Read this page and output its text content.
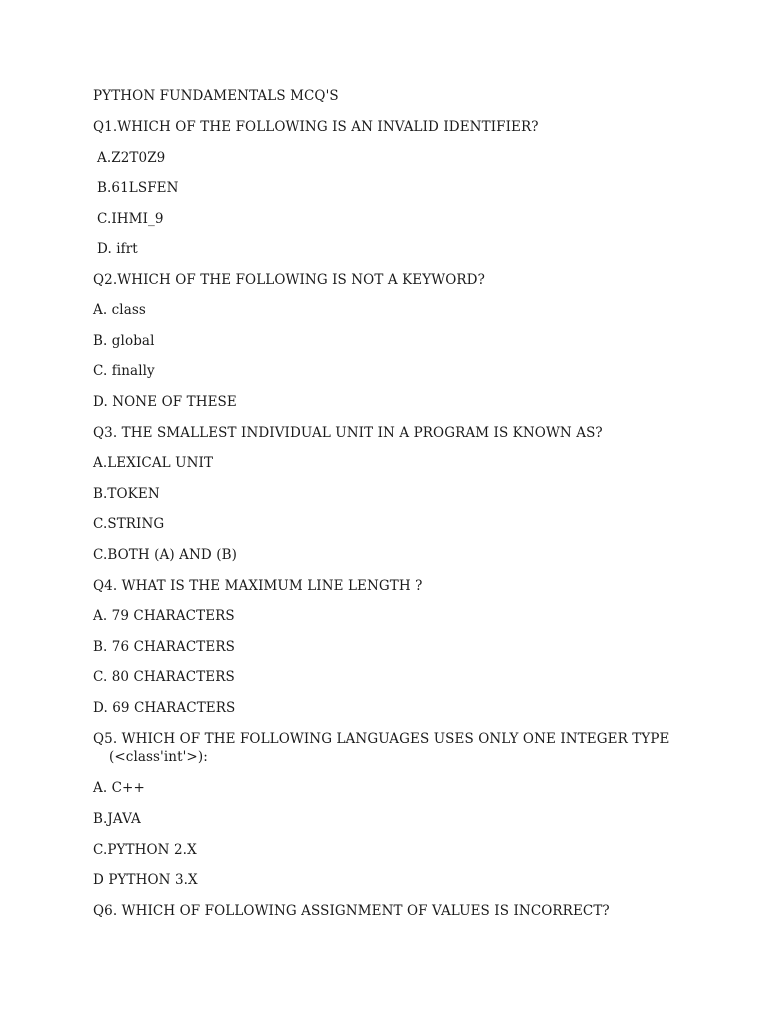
PYTHON FUNDAMENTALS MCQ'S
Q1.WHICH OF THE FOLLOWING IS AN INVALID IDENTIFIER?
A.Z2T0Z9
B.61LSFEN
C.IHMI_9
D. ifrt
Q2.WHICH OF THE FOLLOWING IS NOT A KEYWORD?
A. class
B. global
C. finally
D. NONE OF THESE
Q3. THE SMALLEST INDIVIDUAL UNIT IN A PROGRAM IS KNOWN AS?
A.LEXICAL UNIT
B.TOKEN
C.STRING
C.BOTH (A) AND (B)
Q4. WHAT IS THE MAXIMUM LINE LENGTH ?
A. 79 CHARACTERS
B. 76 CHARACTERS
C. 80 CHARACTERS
D. 69 CHARACTERS
Q5. WHICH OF THE FOLLOWING LANGUAGES USES ONLY ONE INTEGER TYPE
(<class'int'>):
A. C++
B.JAVA
C.PYTHON 2.X
D PYTHON 3.X
Q6. WHICH OF FOLLOWING ASSIGNMENT OF VALUES IS INCORRECT?
